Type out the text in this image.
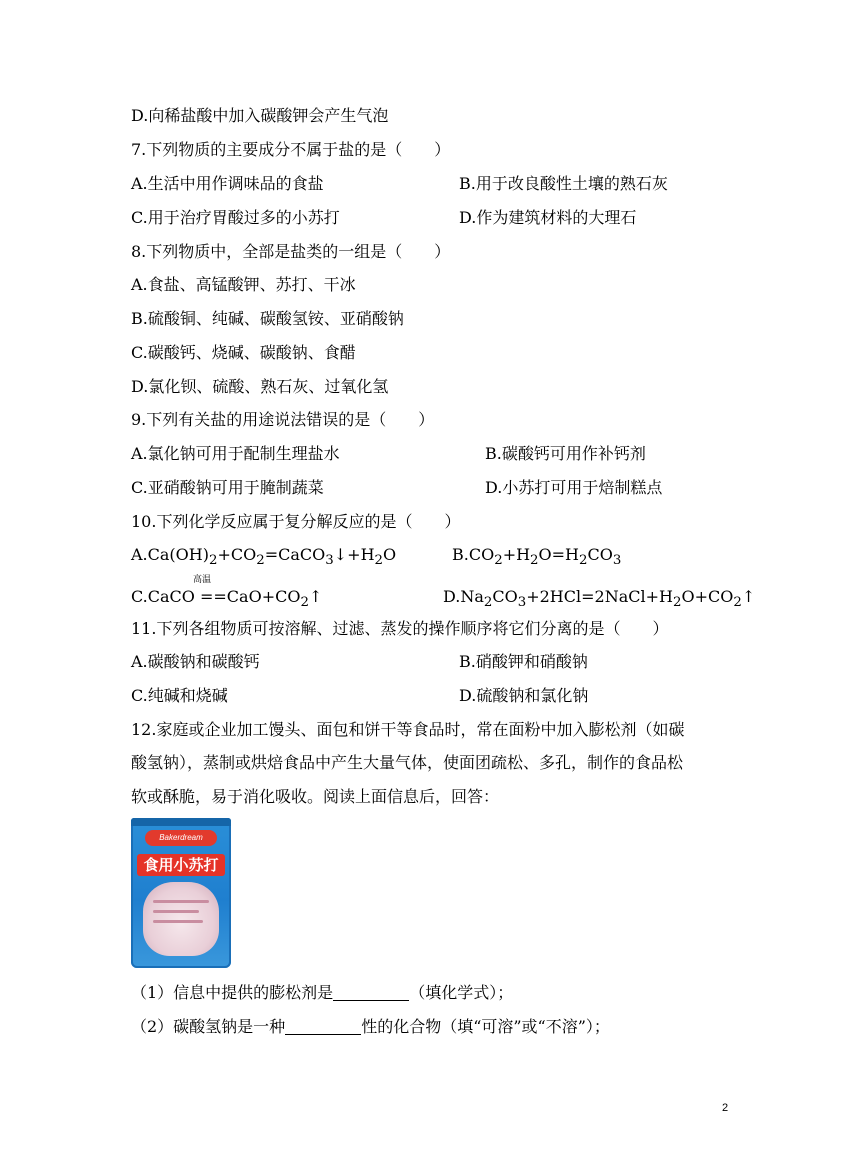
D.向稀盐酸中加入碳酸钾会产生气泡
7.下列物质的主要成分不属于盐的是（　　）
A.生活中用作调味品的食盐	B.用于改良酸性土壤的熟石灰
C.用于治疗胃酸过多的小苏打	D.作为建筑材料的大理石
8.下列物质中，全部是盐类的一组是（　　）
A.食盐、高锰酸钾、苏打、干冰
B.硫酸铜、纯碱、碳酸氢铵、亚硝酸钠
C.碳酸钙、烧碱、碳酸钠、食醋
D.氯化钡、硫酸、熟石灰、过氧化氢
9.下列有关盐的用途说法错误的是（　　）
A.氯化钠可用于配制生理盐水	B.碳酸钙可用作补钙剂
C.亚硝酸钠可用于腌制蔬菜	D.小苏打可用于焙制糕点
10.下列化学反应属于复分解反应的是（　　）
$A.Ca(OH)_2+CO_2=CaCO_3↓+H_2O$	$B.CO_2+H_2O=H_2CO_3$
高温
C.CaCO $==CaO+CO_2↑$	$D.Na_2CO_3+2HCl=2NaCl+H_2O+CO_2↑$
11.下列各组物质可按溶解、过滤、蒸发的操作顺序将它们分离的是（　　）
A.碳酸钠和碳酸钙	B.硝酸钾和硝酸钠
C.纯碱和烧碱	D.硫酸钠和氯化钠
12.家庭或企业加工馒头、面包和饼干等食品时，常在面粉中加入膨松剂（如碳
酸氢钠），蒸制或烘焙食品中产生大量气体，使面团疏松、多孔，制作的食品松
软或酥脆，易于消化吸收。阅读上面信息后，回答：
Bakerdream
食用小苏打
（1）信息中提供的膨松剂是	（填化学式）；
（2）碳酸氢钠是一种	性的化合物（填“可溶”或“不溶”）；
2
